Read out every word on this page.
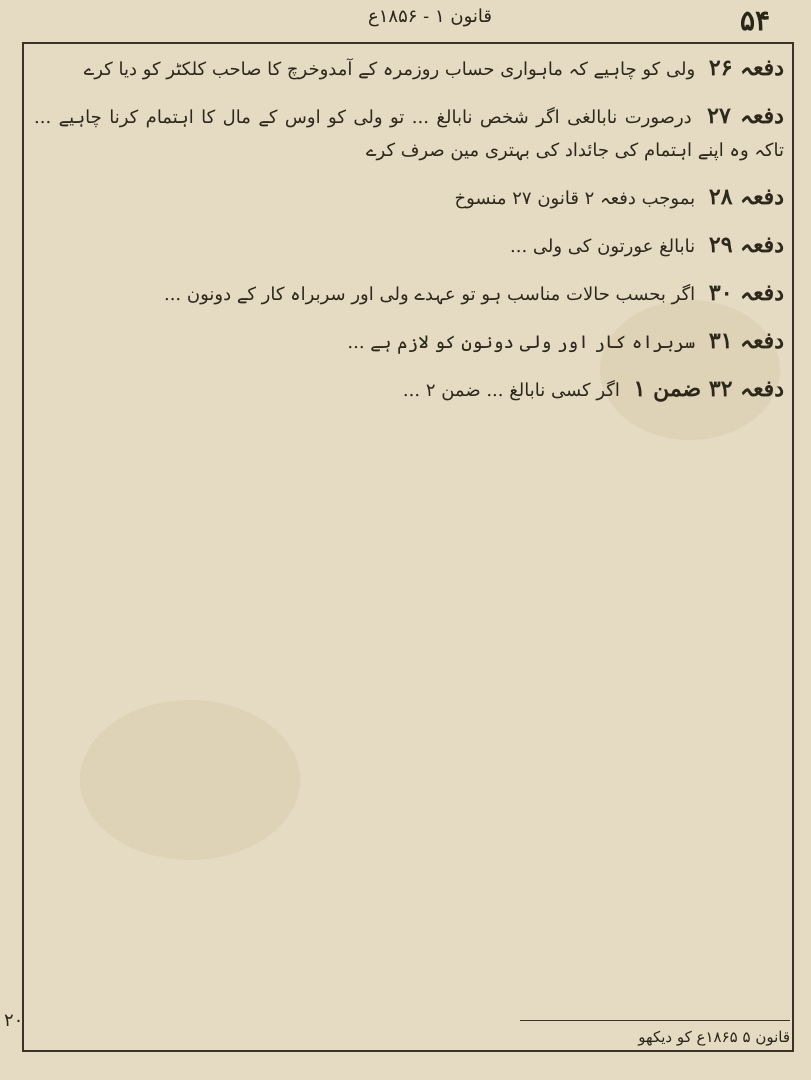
قانون ۱ - ۱۸۵۶ع	۵۴
دفعہ ۲۶ ولی کو چاہیے کہ ماہواری حساب روزمرہ کے آمدوخرچ کا صاحب کلکٹر کو دیا کرے
دفعہ ۲۷ درصورت نابالغی اگر شخص نابالغ ... تو ولی کو اوس کے مال کا اہتمام کرنا چاہیے ... تاکہ وہ اپنے اہتمام کی جائداد کی بہتری مین صرف کرے
دفعہ ۲۸ بموجب دفعہ ۲ قانون ۲۷ منسوخ
دفعہ ۲۹ نابالغ عورتون کی ولی ...
دفعہ ۳۰ اگر بحسب حالات مناسب ہو تو عہدے ولی اور سربراہ کار کے دونون ...
دفعہ ۳۱ سربراہ کار اور ولی دونون کو لازم ہے ...
دفعہ ۳۲ ضمن ۱ اگر کسی نابالغ ... ضمن ۲ ...
قانون ۵ ۱۸۶۵ع کو دیکھو
۲۰
